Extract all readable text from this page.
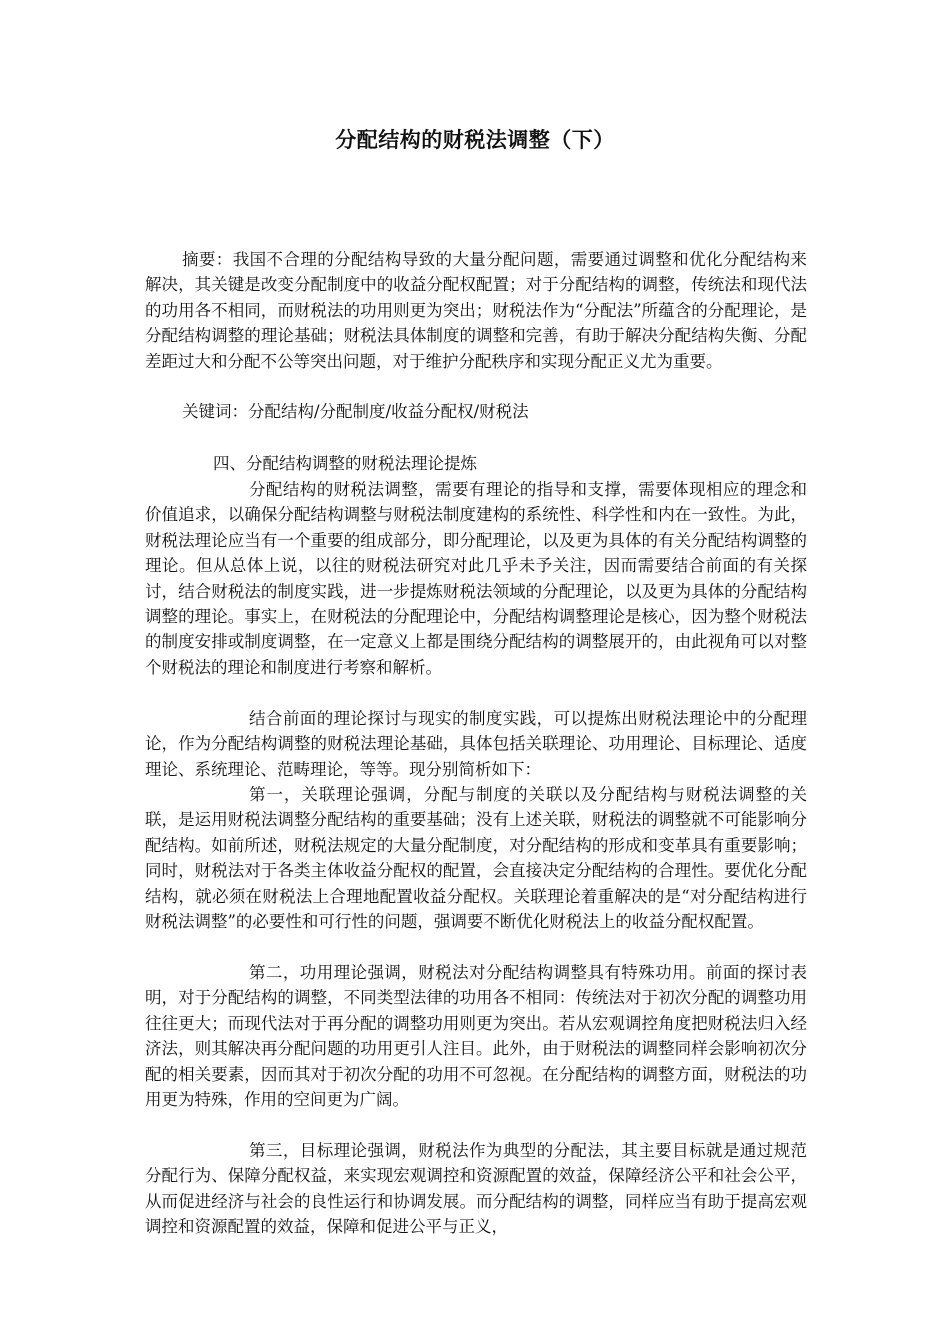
分配结构的财税法调整（下）
摘要：我国不合理的分配结构导致的大量分配问题，需要通过调整和优化分配结构来解决，其关键是改变分配制度中的收益分配权配置；对于分配结构的调整，传统法和现代法的功用各不相同，而财税法的功用则更为突出；财税法作为“分配法”所蕴含的分配理论，是分配结构调整的理论基础；财税法具体制度的调整和完善，有助于解决分配结构失衡、分配差距过大和分配不公等突出问题，对于维护分配秩序和实现分配正义尤为重要。
关键词：分配结构/分配制度/收益分配权/财税法
四、分配结构调整的财税法理论提炼

分配结构的财税法调整，需要有理论的指导和支撑，需要体现相应的理念和价值追求，以确保分配结构调整与财税法制度建构的系统性、科学性和内在一致性。为此，财税法理论应当有一个重要的组成部分，即分配理论，以及更为具体的有关分配结构调整的理论。但从总体上说，以往的财税法研究对此几乎未予关注，因而需要结合前面的有关探讨，结合财税法的制度实践，进一步提炼财税法领域的分配理论，以及更为具体的分配结构调整的理论。事实上，在财税法的分配理论中，分配结构调整理论是核心，因为整个财税法的制度安排或制度调整，在一定意义上都是围绕分配结构的调整展开的，由此视角可以对整个财税法的理论和制度进行考察和解析。

结合前面的理论探讨与现实的制度实践，可以提炼出财税法理论中的分配理论，作为分配结构调整的财税法理论基础，具体包括关联理论、功用理论、目标理论、适度理论、系统理论、范畴理论，等等。现分别简析如下：

第一，关联理论强调，分配与制度的关联以及分配结构与财税法调整的关联，是运用财税法调整分配结构的重要基础；没有上述关联，财税法的调整就不可能影响分配结构。如前所述，财税法规定的大量分配制度，对分配结构的形成和变革具有重要影响；同时，财税法对于各类主体收益分配权的配置，会直接决定分配结构的合理性。要优化分配结构，就必须在财税法上合理地配置收益分配权。关联理论着重解决的是“对分配结构进行财税法调整”的必要性和可行性的问题，强调要不断优化财税法上的收益分配权配置。

第二，功用理论强调，财税法对分配结构调整具有特殊功用。前面的探讨表明，对于分配结构的调整，不同类型法律的功用各不相同：传统法对于初次分配的调整功用往往更大；而现代法对于再分配的调整功用则更为突出。若从宏观调控角度把财税法归入经济法，则其解决再分配问题的功用更引人注目。此外，由于财税法的调整同样会影响初次分配的相关要素，因而其对于初次分配的功用不可忽视。在分配结构的调整方面，财税法的功用更为特殊，作用的空间更为广阔。

第三，目标理论强调，财税法作为典型的分配法，其主要目标就是通过规范分配行为、保障分配权益，来实现宏观调控和资源配置的效益，保障经济公平和社会公平，从而促进经济与社会的良性运行和协调发展。而分配结构的调整，同样应当有助于提高宏观调控和资源配置的效益，保障和促进公平与正义，
